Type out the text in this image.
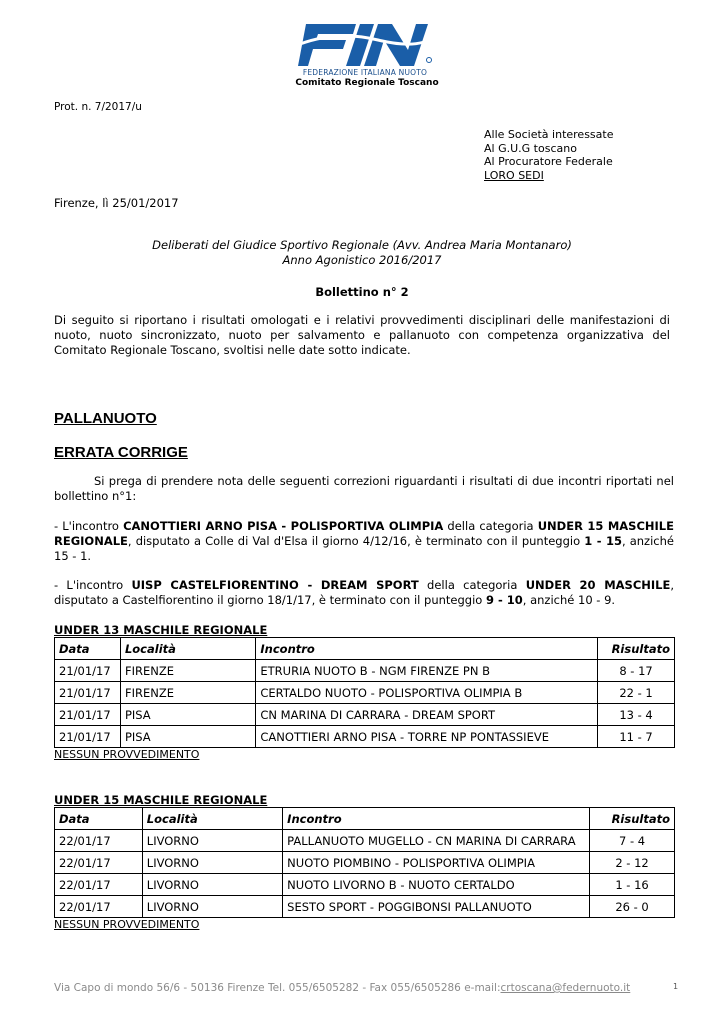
FEDERAZIONE ITALIANA NUOTO
Comitato Regionale Toscano
Prot. n. 7/2017/u
Alle Società interessate
Al G.U.G toscano
Al Procuratore Federale
LORO SEDI
Firenze, lì 25/01/2017
Deliberati del Giudice Sportivo Regionale (Avv. Andrea Maria Montanaro)
Anno Agonistico 2016/2017
Bollettino n° 2
Di seguito si riportano i risultati omologati e i relativi provvedimenti disciplinari delle manifestazioni di nuoto, nuoto sincronizzato, nuoto per salvamento e pallanuoto con competenza organizzativa del Comitato Regionale Toscano, svoltisi nelle date sotto indicate.
PALLANUOTO
ERRATA CORRIGE
Si prega di prendere nota delle seguenti correzioni riguardanti i risultati di due incontri riportati nel bollettino n°1:
- L'incontro CANOTTIERI ARNO PISA - POLISPORTIVA OLIMPIA della categoria UNDER 15 MASCHILE REGIONALE, disputato a Colle di Val d'Elsa il giorno 4/12/16, è terminato con il punteggio 1 - 15, anziché 15 - 1.
- L'incontro UISP CASTELFIORENTINO - DREAM SPORT della categoria UNDER 20 MASCHILE, disputato a Castelfiorentino il giorno 18/1/17, è terminato con il punteggio 9 - 10, anziché 10 - 9.
UNDER 13 MASCHILE REGIONALE
Data	Località	Incontro	Risultato
21/01/17	FIRENZE	ETRURIA NUOTO B - NGM FIRENZE PN B	8 - 17
21/01/17	FIRENZE	CERTALDO NUOTO - POLISPORTIVA OLIMPIA B	22 - 1
21/01/17	PISA	CN MARINA DI CARRARA - DREAM SPORT	13 - 4
21/01/17	PISA	CANOTTIERI ARNO PISA - TORRE NP PONTASSIEVE	11 - 7
NESSUN PROVVEDIMENTO
UNDER 15 MASCHILE REGIONALE
Data	Località	Incontro	Risultato
22/01/17	LIVORNO	PALLANUOTO MUGELLO - CN MARINA DI CARRARA	7 - 4
22/01/17	LIVORNO	NUOTO PIOMBINO - POLISPORTIVA OLIMPIA	2 - 12
22/01/17	LIVORNO	NUOTO LIVORNO B - NUOTO CERTALDO	1 - 16
22/01/17	LIVORNO	SESTO SPORT - POGGIBONSI PALLANUOTO	26 - 0
NESSUN PROVVEDIMENTO
Via Capo di mondo 56/6 - 50136 Firenze Tel. 055/6505282 - Fax 055/6505286 e-mail:crtoscana@federnuoto.it	1
